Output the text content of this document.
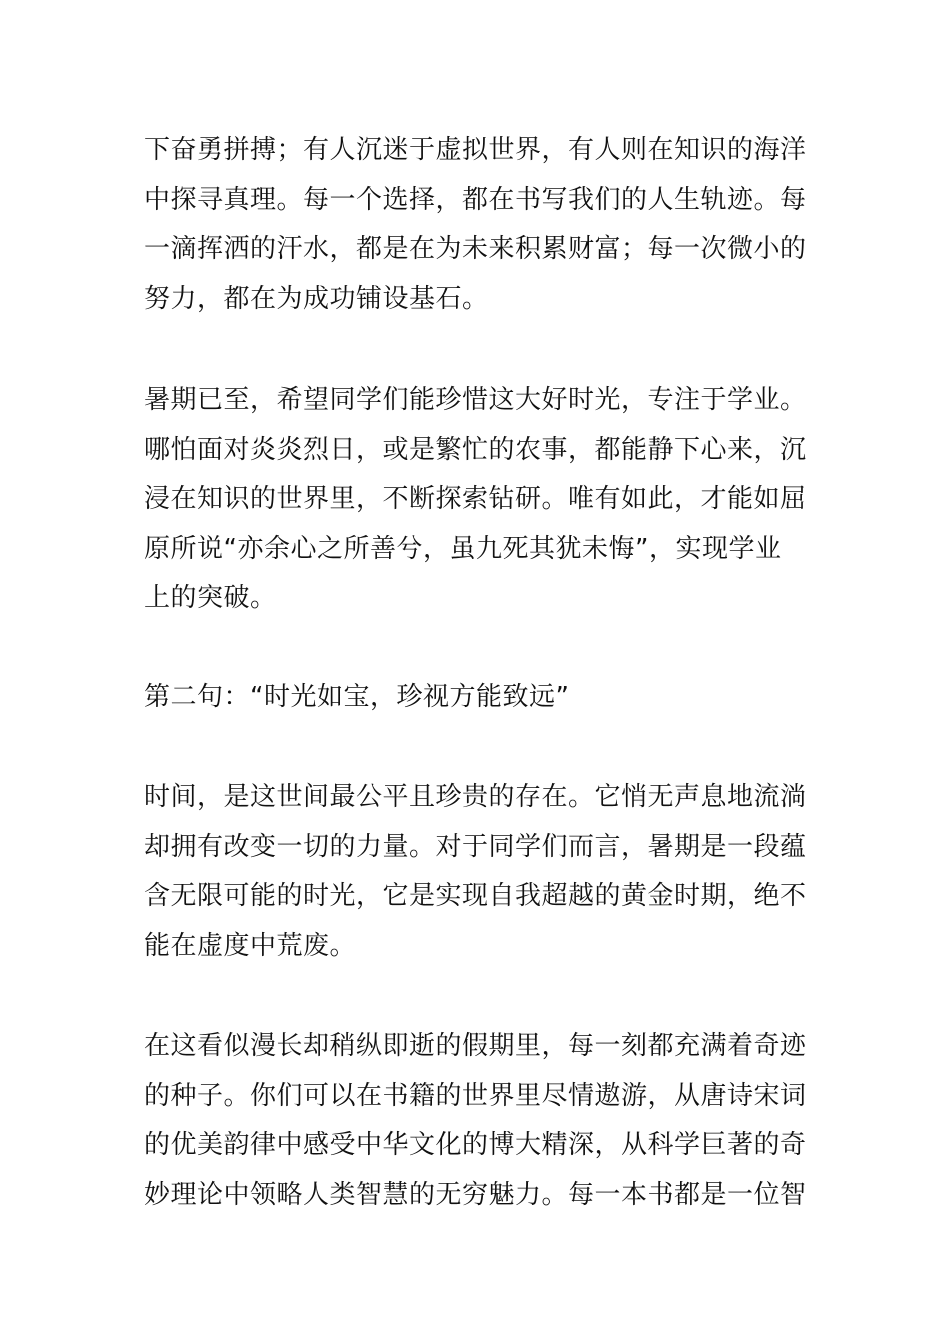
下奋勇拼搏；有人沉迷于虚拟世界，有人则在知识的海洋
中探寻真理。每一个选择，都在书写我们的人生轨迹。每
一滴挥洒的汗水，都是在为未来积累财富；每一次微小的
努力，都在为成功铺设基石。
暑期已至，希望同学们能珍惜这大好时光，专注于学业。
哪怕面对炎炎烈日，或是繁忙的农事，都能静下心来，沉
浸在知识的世界里，不断探索钻研。唯有如此，才能如屈
原所说“亦余心之所善兮，虽九死其犹未悔”，实现学业
上的突破。
第二句：“时光如宝，珍视方能致远”
时间，是这世间最公平且珍贵的存在。它悄无声息地流淌
却拥有改变一切的力量。对于同学们而言，暑期是一段蕴
含无限可能的时光，它是实现自我超越的黄金时期，绝不
能在虚度中荒废。
在这看似漫长却稍纵即逝的假期里，每一刻都充满着奇迹
的种子。你们可以在书籍的世界里尽情遨游，从唐诗宋词
的优美韵律中感受中华文化的博大精深，从科学巨著的奇
妙理论中领略人类智慧的无穷魅力。每一本书都是一位智
